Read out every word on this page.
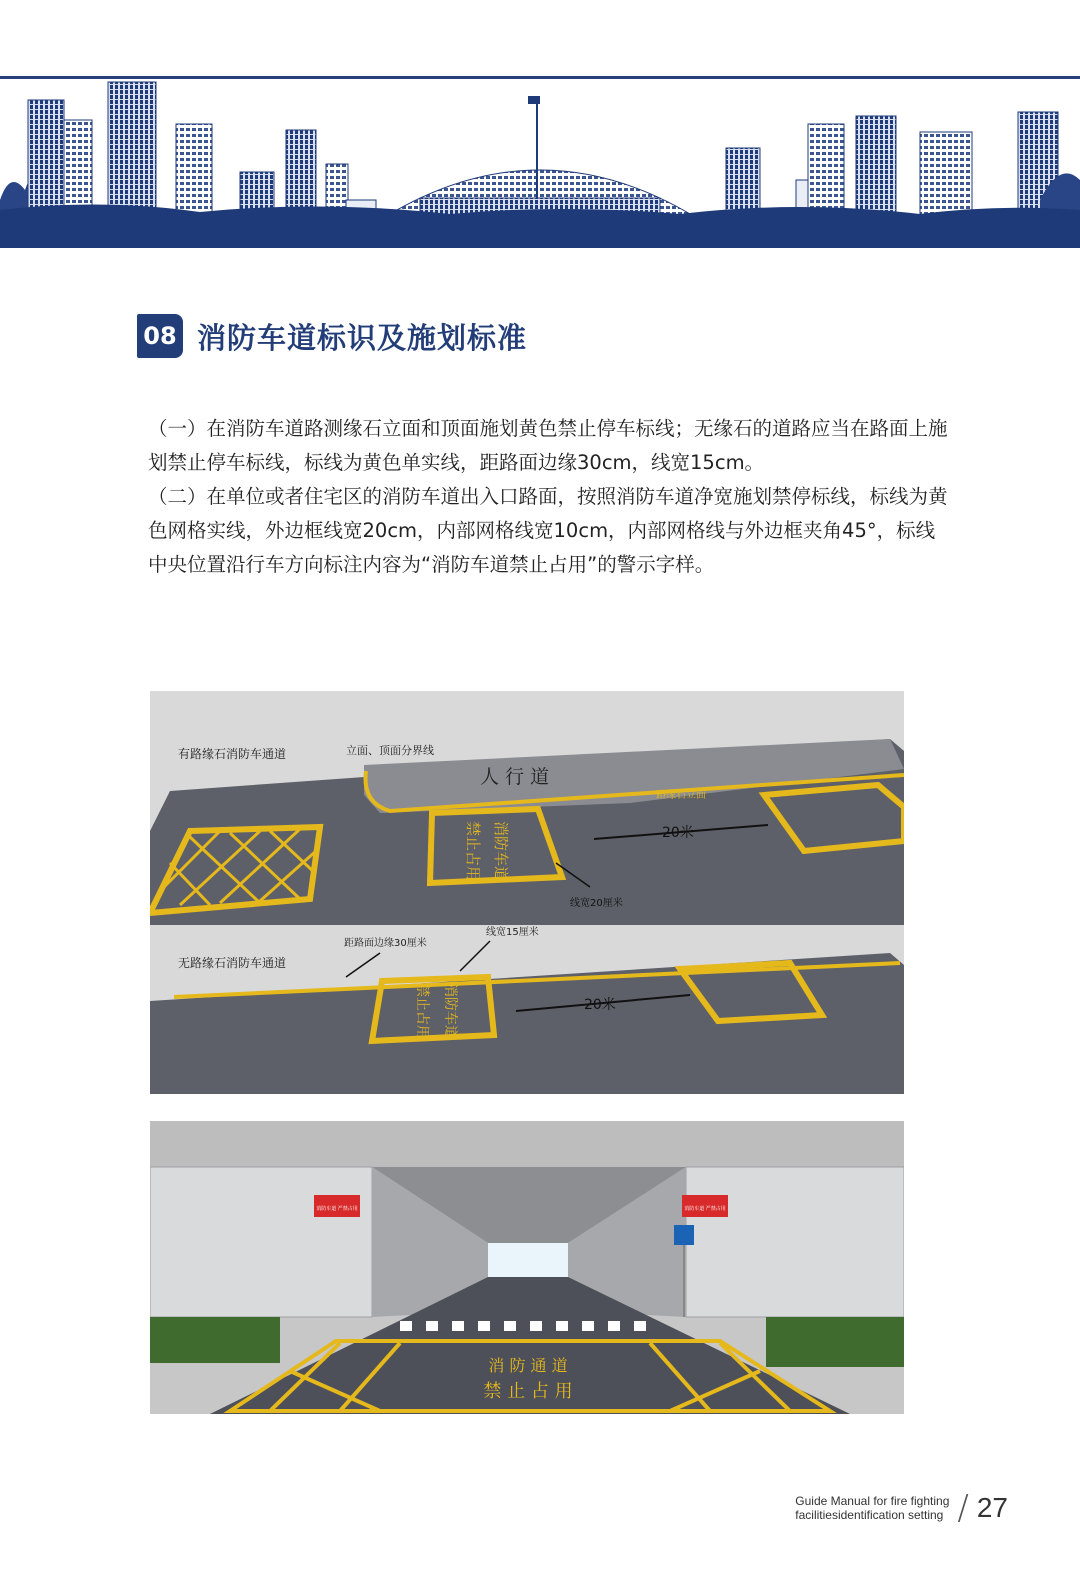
08 消防车道标识及施划标准

（一）在消防车道路测缘石立面和顶面施划黄色禁止停车标线；无缘石的道路应当在路面上施划禁止停车标线，标线为黄色单实线，距路面边缘30cm，线宽15cm。

（二）在单位或者住宅区的消防车道出入口路面，按照消防车道净宽施划禁停标线，标线为黄色网格实线，外边框线宽20cm，内部网格线宽10cm，内部网格线与外边框夹角45°，标线中央位置沿行车方向标注内容为“消防车道禁止占用”的警示字样。

消防车道
禁止占用
有路缘石消防车通道	立面、顶面分界线
人 行 道
路缘石立面
20米
线宽20厘米
禁止占用 消防车道
无路缘石消防车通道
距路面边缘30厘米
线宽15厘米
20米
消 防 通 道
禁 止 占 用
消防车道 严禁占用	消防车道 严禁占用
Guide Manual for fire fighting
facilitiesidentification setting / 27
